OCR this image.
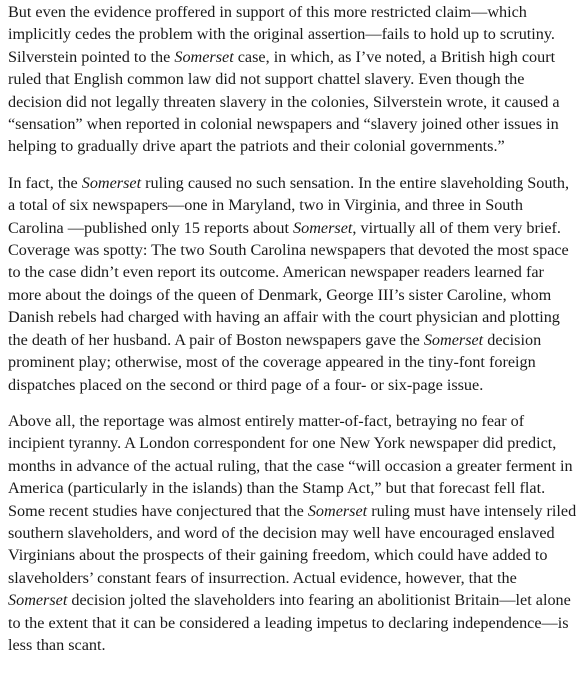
But even the evidence proffered in support of this more restricted claim—which implicitly cedes the problem with the original assertion—fails to hold up to scrutiny. Silverstein pointed to the Somerset case, in which, as I’ve noted, a British high court ruled that English common law did not support chattel slavery. Even though the decision did not legally threaten slavery in the colonies, Silverstein wrote, it caused a “sensation” when reported in colonial newspapers and “slavery joined other issues in helping to gradually drive apart the patriots and their colonial governments.”

In fact, the Somerset ruling caused no such sensation. In the entire slaveholding South, a total of six newspapers—one in Maryland, two in Virginia, and three in South Carolina —published only 15 reports about Somerset, virtually all of them very brief. Coverage was spotty: The two South Carolina newspapers that devoted the most space to the case didn’t even report its outcome. American newspaper readers learned far more about the doings of the queen of Denmark, George III’s sister Caroline, whom Danish rebels had charged with having an affair with the court physician and plotting the death of her husband. A pair of Boston newspapers gave the Somerset decision prominent play; otherwise, most of the coverage appeared in the tiny-font foreign dispatches placed on the second or third page of a four- or six-page issue.

Above all, the reportage was almost entirely matter-of-fact, betraying no fear of incipient tyranny. A London correspondent for one New York newspaper did predict, months in advance of the actual ruling, that the case “will occasion a greater ferment in America (particularly in the islands) than the Stamp Act,” but that forecast fell flat. Some recent studies have conjectured that the Somerset ruling must have intensely riled southern slaveholders, and word of the decision may well have encouraged enslaved Virginians about the prospects of their gaining freedom, which could have added to slaveholders’ constant fears of insurrection. Actual evidence, however, that the Somerset decision jolted the slaveholders into fearing an abolitionist Britain—let alone to the extent that it can be considered a leading impetus to declaring independence—is less than scant.
